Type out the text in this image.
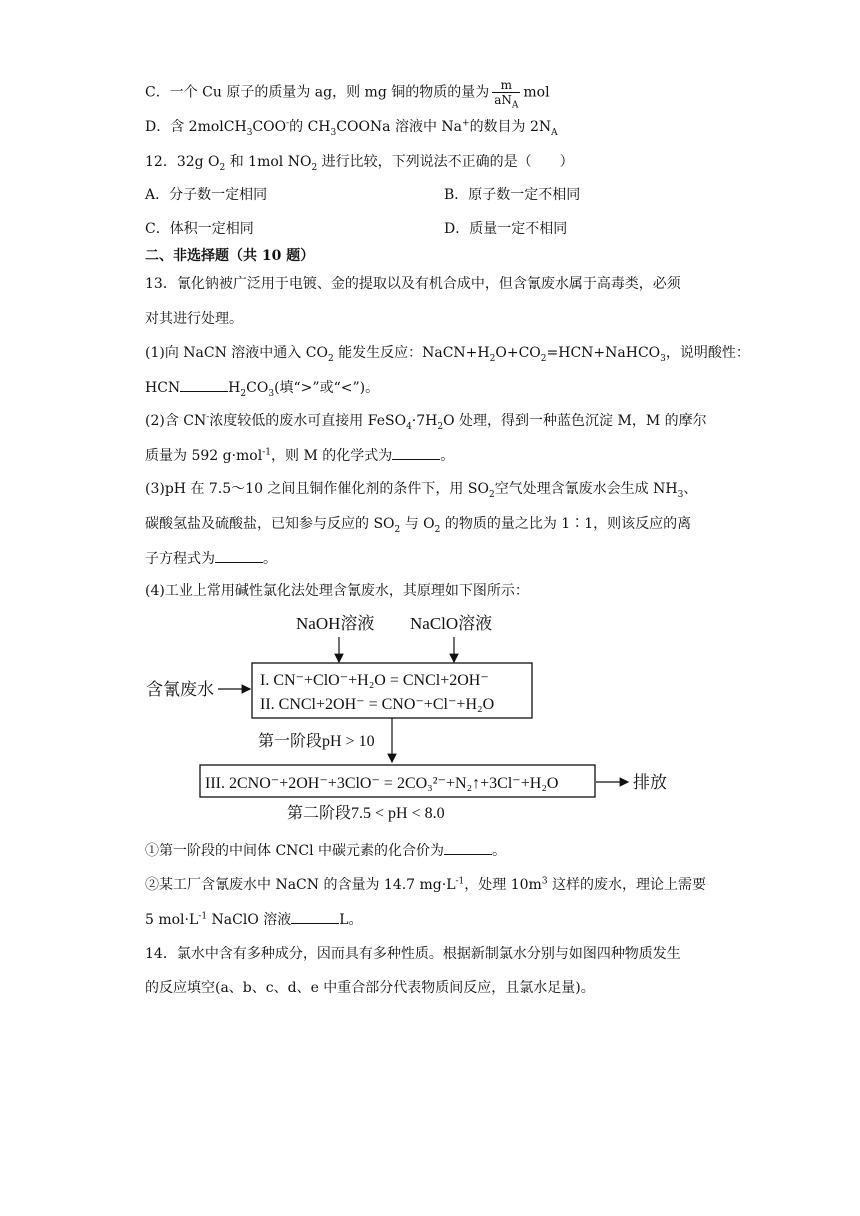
C．一个 Cu 原子的质量为 ag，则 mg 铜的物质的量为 $\frac{m}{aN_A}$ mol
D．含 2molCH$_3$COO-的 $CH_3COONa$ 溶液中 Na+的数目为 $2N_A$
12．32g $O_2$ 和 1mol $NO_2$ 进行比较，下列说法不正确的是（　　）
A．分子数一定相同	B．原子数一定不相同
C．体积一定相同	D．质量一定不相同
二、非选择题（共 10 题）
13．氰化钠被广泛用于电镀、金的提取以及有机合成中，但含氰废水属于高毒类，必须
对其进行处理。
(1)向 NaCN 溶液中通入 $CO_2$ 能发生反应：$NaCN+H_2O+CO_2=HCN+NaHCO_3$，说明酸性：
HCN	$H_2CO_3$(填“>”或“<”)。
(2)含 CN-浓度较低的废水可直接用 $FeSO_4\cdot 7H_2O$ 处理，得到一种蓝色沉淀 M，M 的摩尔
质量为 592 g·mol$^{-1}$，则 M 的化学式为	。
(3)pH 在 7.5～10 之间且铜作催化剂的条件下，用 $SO_2$空气处理含氰废水会生成 $NH_3$、
碳酸氢盐及硫酸盐，已知参与反应的 $SO_2$ 与 $O_2$ 的物质的量之比为 1∶1，则该反应的离
子方程式为	。
(4)工业上常用碱性氯化法处理含氰废水，其原理如下图所示：
NaOH溶液 NaClO溶液
含氰废水	I. CN⁻+ClO⁻+H₂O = CNCl+2OH⁻
II. CNCl+2OH⁻ = CNO⁻+Cl⁻+H₂O
第一阶段pH > 10
III. 2CNO⁻+2OH⁻+3ClO⁻ = 2CO₃²⁻+N₂↑+3Cl⁻+H₂O	排放
第二阶段7.5 < pH < 8.0
①第一阶段的中间体 CNCl 中碳元素的化合价为	。
②某工厂含氰废水中 NaCN 的含量为 14.7 $mg\cdot L^{-1}$，处理 $10m^3$ 这样的废水，理论上需要
5 $mol\cdot L^{-1}$ NaClO 溶液	L。
14．氯水中含有多种成分，因而具有多种性质。根据新制氯水分别与如图四种物质发生
的反应填空(a、b、c、d、e 中重合部分代表物质间反应，且氯水足量)。
